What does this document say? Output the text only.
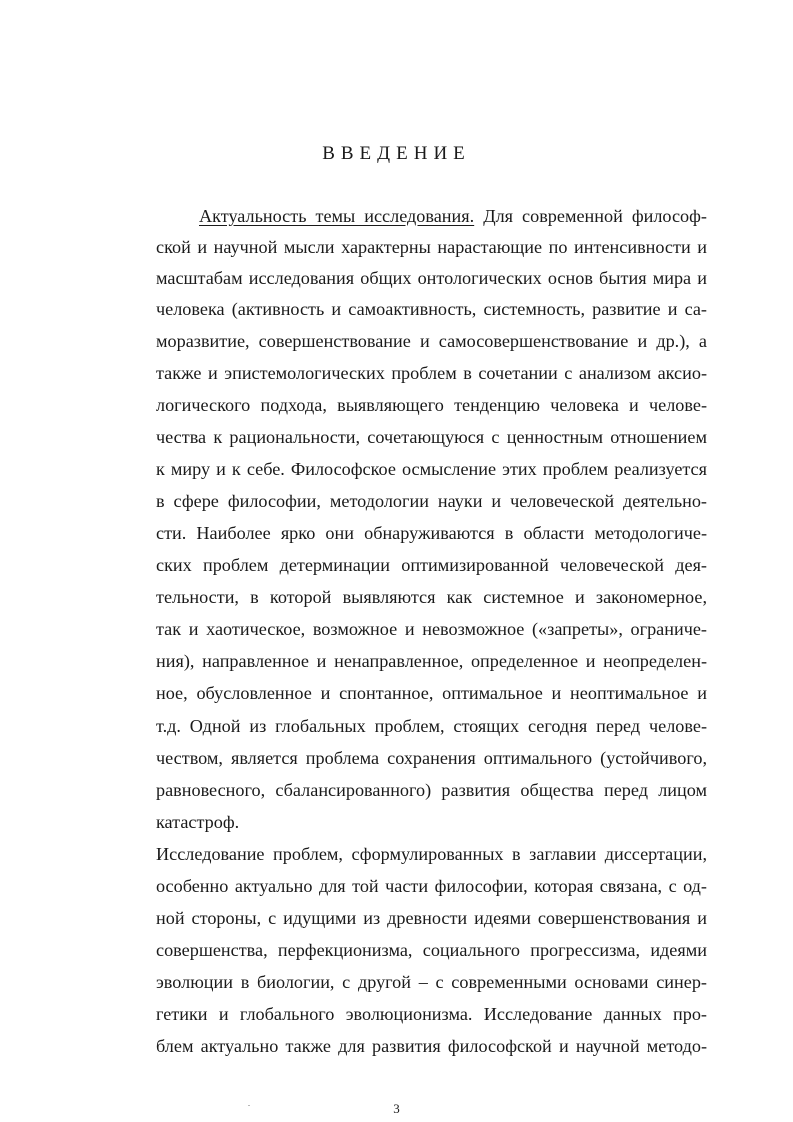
ВВЕДЕНИЕ
Актуальность темы исследования. Для современной философ-
ской и научной мысли характерны нарастающие по интенсивности и
масштабам исследования общих онтологических основ бытия мира и
человека (активность и самоактивность, системность, развитие и са-
моразвитие, совершенствование и самосовершенствование и др.), а
также и эпистемологических проблем в сочетании с анализом аксио-
логического подхода, выявляющего тенденцию человека и челове-
чества к рациональности, сочетающуюся с ценностным отношением
к миру и к себе. Философское осмысление этих проблем реализуется
в сфере философии, методологии науки и человеческой деятельно-
сти. Наиболее ярко они обнаруживаются в области методологиче-
ских проблем детерминации оптимизированной человеческой дея-
тельности, в которой выявляются как системное и закономерное,
так и хаотическое, возможное и невозможное («запреты», ограниче-
ния), направленное и ненаправленное, определенное и неопределен-
ное, обусловленное и спонтанное, оптимальное и неоптимальное и
т.д. Одной из глобальных проблем, стоящих сегодня перед челове-
чеством, является проблема сохранения оптимального (устойчивого,
равновесного, сбалансированного) развития общества перед лицом
катастроф.
Исследование проблем, сформулированных в заглавии диссертации,
особенно актуально для той части философии, которая связана, с од-
ной стороны, с идущими из древности идеями совершенствования и
совершенства, перфекционизма, социального прогрессизма, идеями
эволюции в биологии, с другой – с современными основами синер-
гетики и глобального эволюционизма. Исследование данных про-
блем актуально также для развития философской и научной методо-
3
